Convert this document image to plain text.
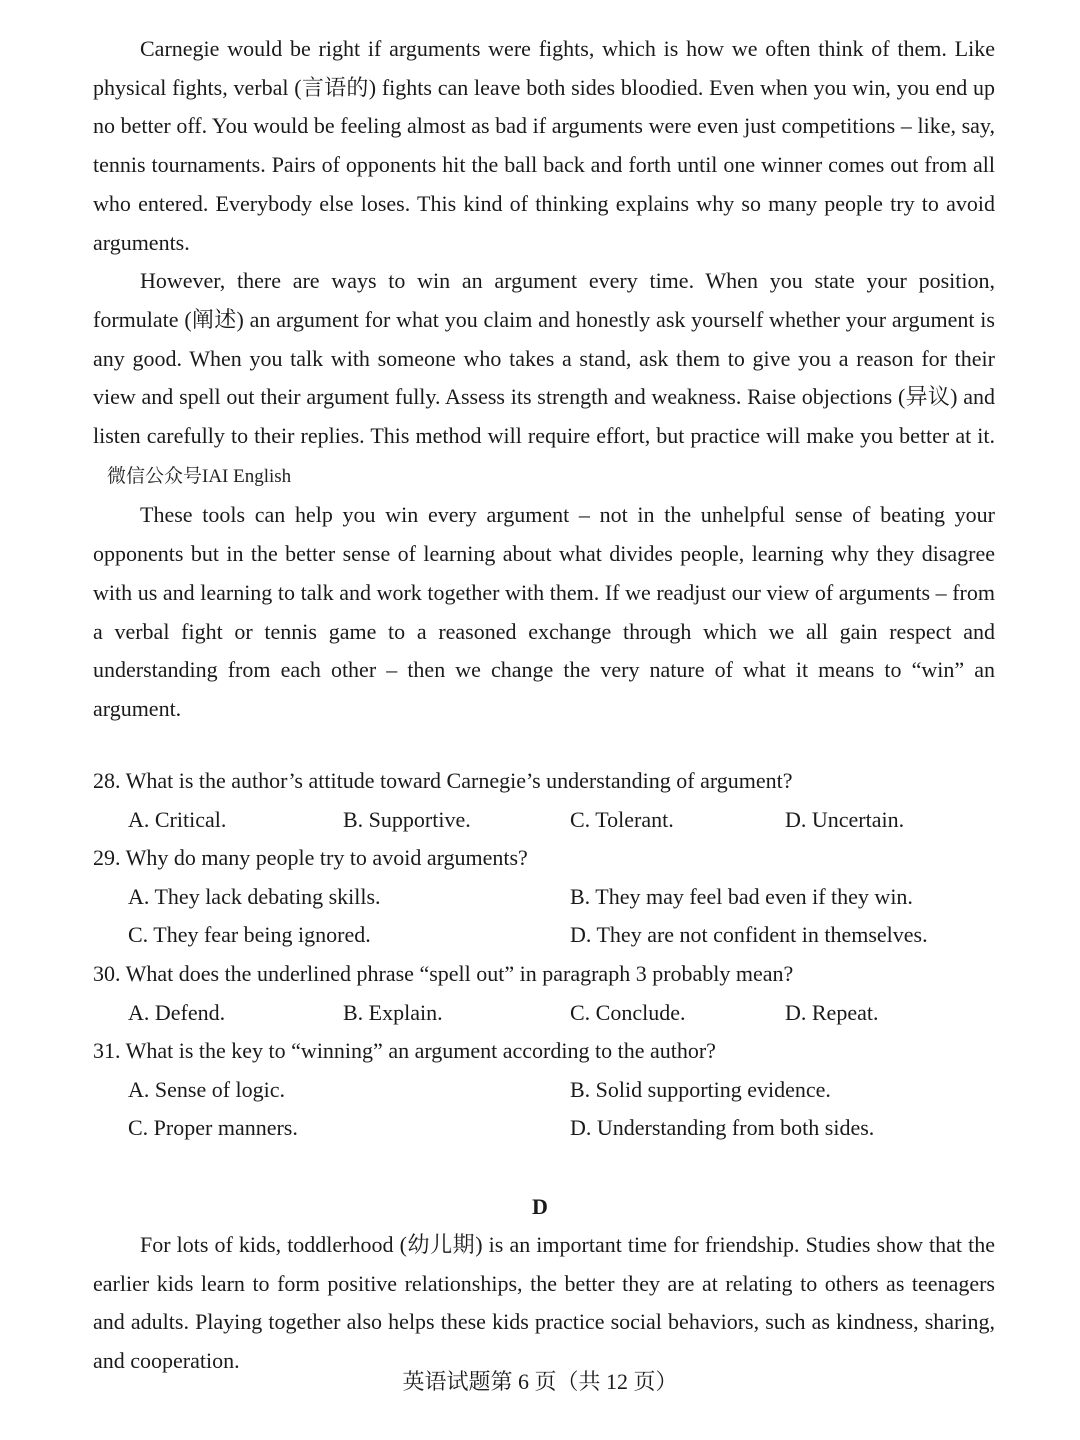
Carnegie would be right if arguments were fights, which is how we often think of them. Like physical fights, verbal (言语的) fights can leave both sides bloodied. Even when you win, you end up no better off. You would be feeling almost as bad if arguments were even just competitions – like, say, tennis tournaments. Pairs of opponents hit the ball back and forth until one winner comes out from all who entered. Everybody else loses. This kind of thinking explains why so many people try to avoid arguments.

However, there are ways to win an argument every time. When you state your position, formulate (阐述) an argument for what you claim and honestly ask yourself whether your argument is any good. When you talk with someone who takes a stand, ask them to give you a reason for their view and spell out their argument fully. Assess its strength and weakness. Raise objections (异议) and listen carefully to their replies. This method will require effort, but practice will make you better at it.微信公众号IAI English

These tools can help you win every argument – not in the unhelpful sense of beating your opponents but in the better sense of learning about what divides people, learning why they disagree with us and learning to talk and work together with them. If we readjust our view of arguments – from a verbal fight or tennis game to a reasoned exchange through which we all gain respect and understanding from each other – then we change the very nature of what it means to “win” an argument.

28. What is the author’s attitude toward Carnegie’s understanding of argument?
A. Critical.	B. Supportive.	C. Tolerant.	D. Uncertain.
29. Why do many people try to avoid arguments?
A. They lack debating skills.	B. They may feel bad even if they win.
C. They fear being ignored.	D. They are not confident in themselves.
30. What does the underlined phrase “spell out” in paragraph 3 probably mean?
A. Defend.	B. Explain.	C. Conclude.	D. Repeat.
31. What is the key to “winning” an argument according to the author?
A. Sense of logic.	B. Solid supporting evidence.
C. Proper manners.	D. Understanding from both sides.
D

For lots of kids, toddlerhood (幼儿期) is an important time for friendship. Studies show that the earlier kids learn to form positive relationships, the better they are at relating to others as teenagers and adults. Playing together also helps these kids practice social behaviors, such as kindness, sharing, and cooperation.

英语试题第 6 页（共 12 页）
